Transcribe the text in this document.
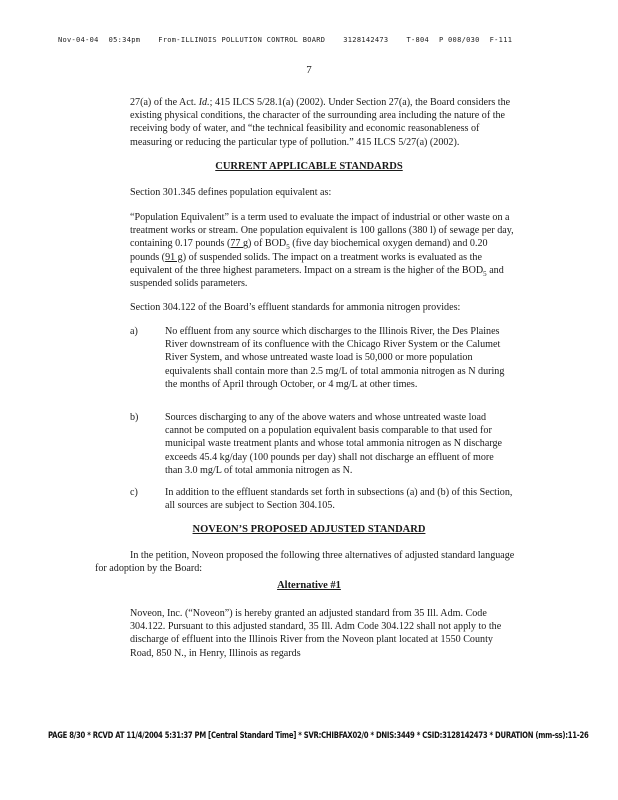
Nov-04-04 05:34pm	From-ILLINOIS POLLUTION CONTROL BOARD	3128142473	T-804 P 008/030 F-111
7
27(a) of the Act. Id.; 415 ILCS 5/28.1(a) (2002). Under Section 27(a), the Board considers the existing physical conditions, the character of the surrounding area including the nature of the receiving body of water, and “the technical feasibility and economic reasonableness of measuring or reducing the particular type of pollution.” 415 ILCS 5/27(a) (2002).
CURRENT APPLICABLE STANDARDS
Section 301.345 defines population equivalent as:
“Population Equivalent” is a term used to evaluate the impact of industrial or other waste on a treatment works or stream. One population equivalent is 100 gallons (380 l) of sewage per day, containing 0.17 pounds (77 g) of $BOD_5$ (five day biochemical oxygen demand) and 0.20 pounds (91 g) of suspended solids. The impact on a treatment works is evaluated as the equivalent of the three highest parameters. Impact on a stream is the higher of the $BOD_5$ and suspended solids parameters.
Section 304.122 of the Board’s effluent standards for ammonia nitrogen provides:
a)	No effluent from any source which discharges to the Illinois River, the Des Plaines River downstream of its confluence with the Chicago River System or the Calumet River System, and whose untreated waste load is 50,000 or more population equivalents shall contain more than 2.5 mg/L of total ammonia nitrogen as N during the months of April through October, or 4 mg/L at other times.
b)	Sources discharging to any of the above waters and whose untreated waste load cannot be computed on a population equivalent basis comparable to that used for municipal waste treatment plants and whose total ammonia nitrogen as N discharge exceeds 45.4 kg/day (100 pounds per day) shall not discharge an effluent of more than 3.0 mg/L of total ammonia nitrogen as N.
c)	In addition to the effluent standards set forth in subsections (a) and (b) of this Section, all sources are subject to Section 304.105.
NOVEON’S PROPOSED ADJUSTED STANDARD
In the petition, Noveon proposed the following three alternatives of adjusted standard language for adoption by the Board:
Alternative #1
Noveon, Inc. (“Noveon”) is hereby granted an adjusted standard from 35 Ill. Adm. Code 304.122. Pursuant to this adjusted standard, 35 Ill. Adm Code 304.122 shall not apply to the discharge of effluent into the Illinois River from the Noveon plant located at 1550 County Road, 850 N., in Henry, Illinois as regards
PAGE 8/30 * RCVD AT 11/4/2004 5:31:37 PM [Central Standard Time] * SVR:CHIBFAX02/0 * DNIS:3449 * CSID:3128142473 * DURATION (mm-ss):11-26
